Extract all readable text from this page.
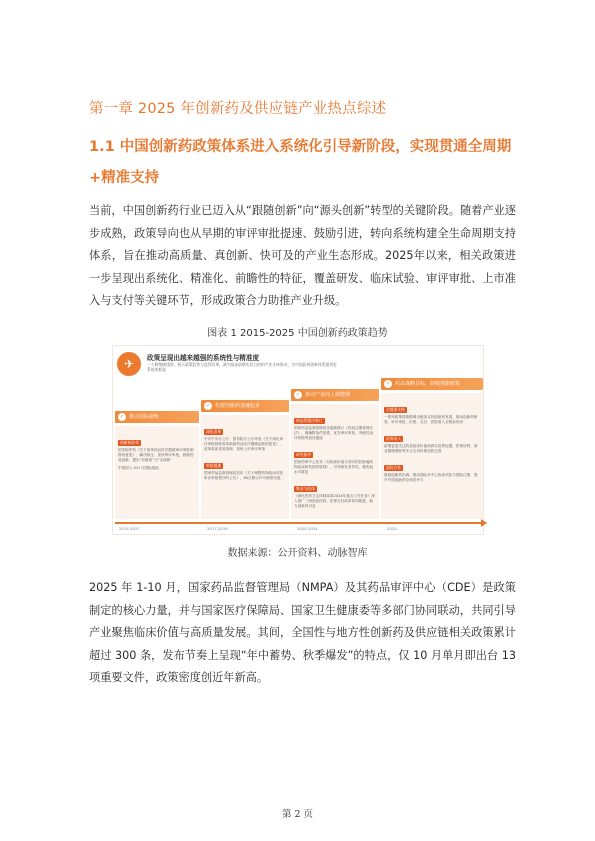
第一章 2025 年创新药及供应链产业热点综述
1.1 中国创新药政策体系进入系统化引导新阶段，实现贯通全周期+精准支持
当前，中国创新药行业已迈入从“跟随创新”向“源头创新”转型的关键阶段。随着产业逐步成熟，政策导向也从早期的审评审批提速、鼓励引进，转向系统构建全生命周期支持体系，旨在推动高质量、真创新、快可及的产业生态形成。2025年以来，相关政策进一步呈现出系统化、精准化、前瞻性的特征，覆盖研发、临床试验、审评审批、上市准入与支付等关键环节，形成政策合力助推产业升级。
图表 1 2015-2025 中国创新药政策趋势
✈	政策呈现出越来越强的系统性与精准度
一个制剂路线图，展示政策趋势与监管改革，减少临床前期实验目的和产业支持推动，为中国医药创新体系提供更系统的框架
✓ 推动国际接轨
✓ 构建创新药加速起步
✓ 推动产业向上调整期
✓ 药品战略目标，持续创新研发
创新药改革
国务院印发《关于改革药品医疗器械审评审批制度的意见》，解决积压、加快审评审批，鼓励药品创新，提出“有新意”与“全球新”
中国加入 ICH 与国际接轨
深化改革
中共中央办公厅、国务院办公厅印发《关于深化审评审批制度改革鼓励药品医疗器械创新的意见》，改革临床试验管理，加快上市审评审批
审批提速
国家药品监督管理局发布《关于调整药物临床试验审评审批程序的公告》，60日默示许可制度实施
药品管理法修订
国家药品监督管理局实施新修订《药品注册管理办法》，明确附条件批准、优先审评审批、突破性治疗药物等加快通道
研发指导
国家药审中心发布《以临床价值为导向的抗肿瘤药物临床研发指导原则》，引导研发差异化，避免低水平重复
集采与医保
《深化医药卫生体制改革2024年重点工作任务》深入推广三明医改经验，医保支付改革协同推进，助力创新药可及
全链条支持
一系列政策措施强调全链条支持创新药发展，推动创新药研发、审评审批、价格、支付、医院准入全链条协同
医保准入
政策更加关注药品临床价值和真实世界证据，医保谈判、商业健康保险等多元支付体系加快完善
国际合作
鼓励创新药出海，推动国际多中心临床试验与国际注册，提升中国创新药全球竞争力
2015-2017	2017-2019	2020-2024	2025-
数据来源：公开资料、动脉智库
2025 年 1-10 月，国家药品监督管理局（NMPA）及其药品审评中心（CDE）是政策制定的核心力量，并与国家医疗保障局、国家卫生健康委等多部门协同联动，共同引导产业聚焦临床价值与高质量发展。其间，全国性与地方性创新药及供应链相关政策累计超过 300 条，发布节奏上呈现“年中蓄势、秋季爆发”的特点，仅 10 月单月即出台 13 项重要文件，政策密度创近年新高。
第 2 页
